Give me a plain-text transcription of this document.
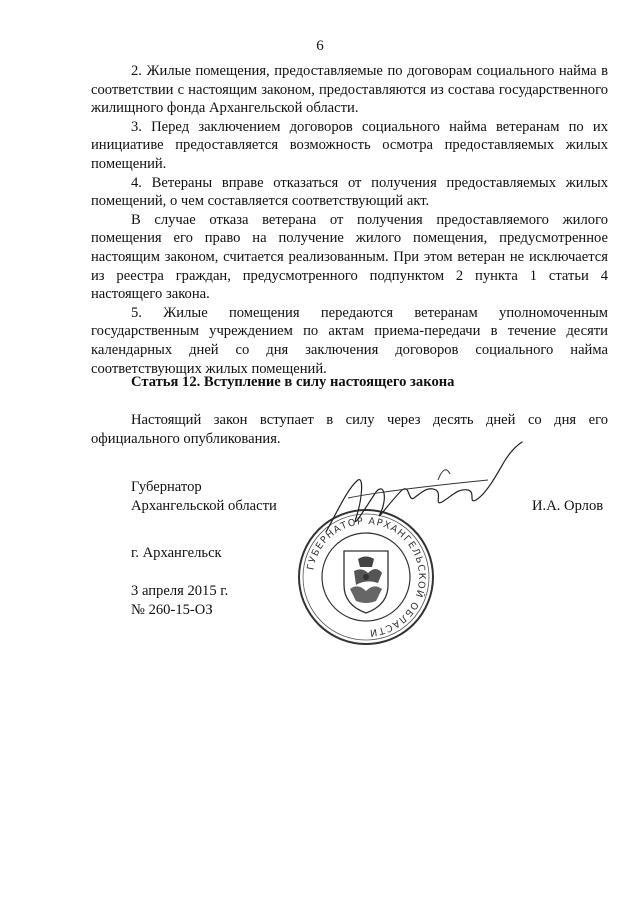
6

2. Жилые помещения, предоставляемые по договорам социального найма в соответствии с настоящим законом, предоставляются из состава государственного жилищного фонда Архангельской области.

3. Перед заключением договоров социального найма ветеранам по их инициативе предоставляется возможность осмотра предоставляемых жилых помещений.

4. Ветераны вправе отказаться от получения предоставляемых жилых помещений, о чем составляется соответствующий акт.

В случае отказа ветерана от получения предоставляемого жилого помещения его право на получение жилого помещения, предусмотренное настоящим законом, считается реализованным. При этом ветеран не исключается из реестра граждан, предусмотренного подпунктом 2 пункта 1 статьи 4 настоящего закона.

5. Жилые помещения передаются ветеранам уполномоченным государственным учреждением по актам приема-передачи в течение десяти календарных дней со дня заключения договоров социального найма соответствующих жилых помещений.

Статья 12. Вступление в силу настоящего закона

Настоящий закон вступает в силу через десять дней со дня его официального опубликования.

Губернатор
Архангельской области	И.А. Орлов
г. Архангельск
3 апреля 2015 г.
№ 260-15-ОЗ
ГУБЕРНАТОР АРХАНГЕЛЬСКОЙ ОБЛАСТИ
